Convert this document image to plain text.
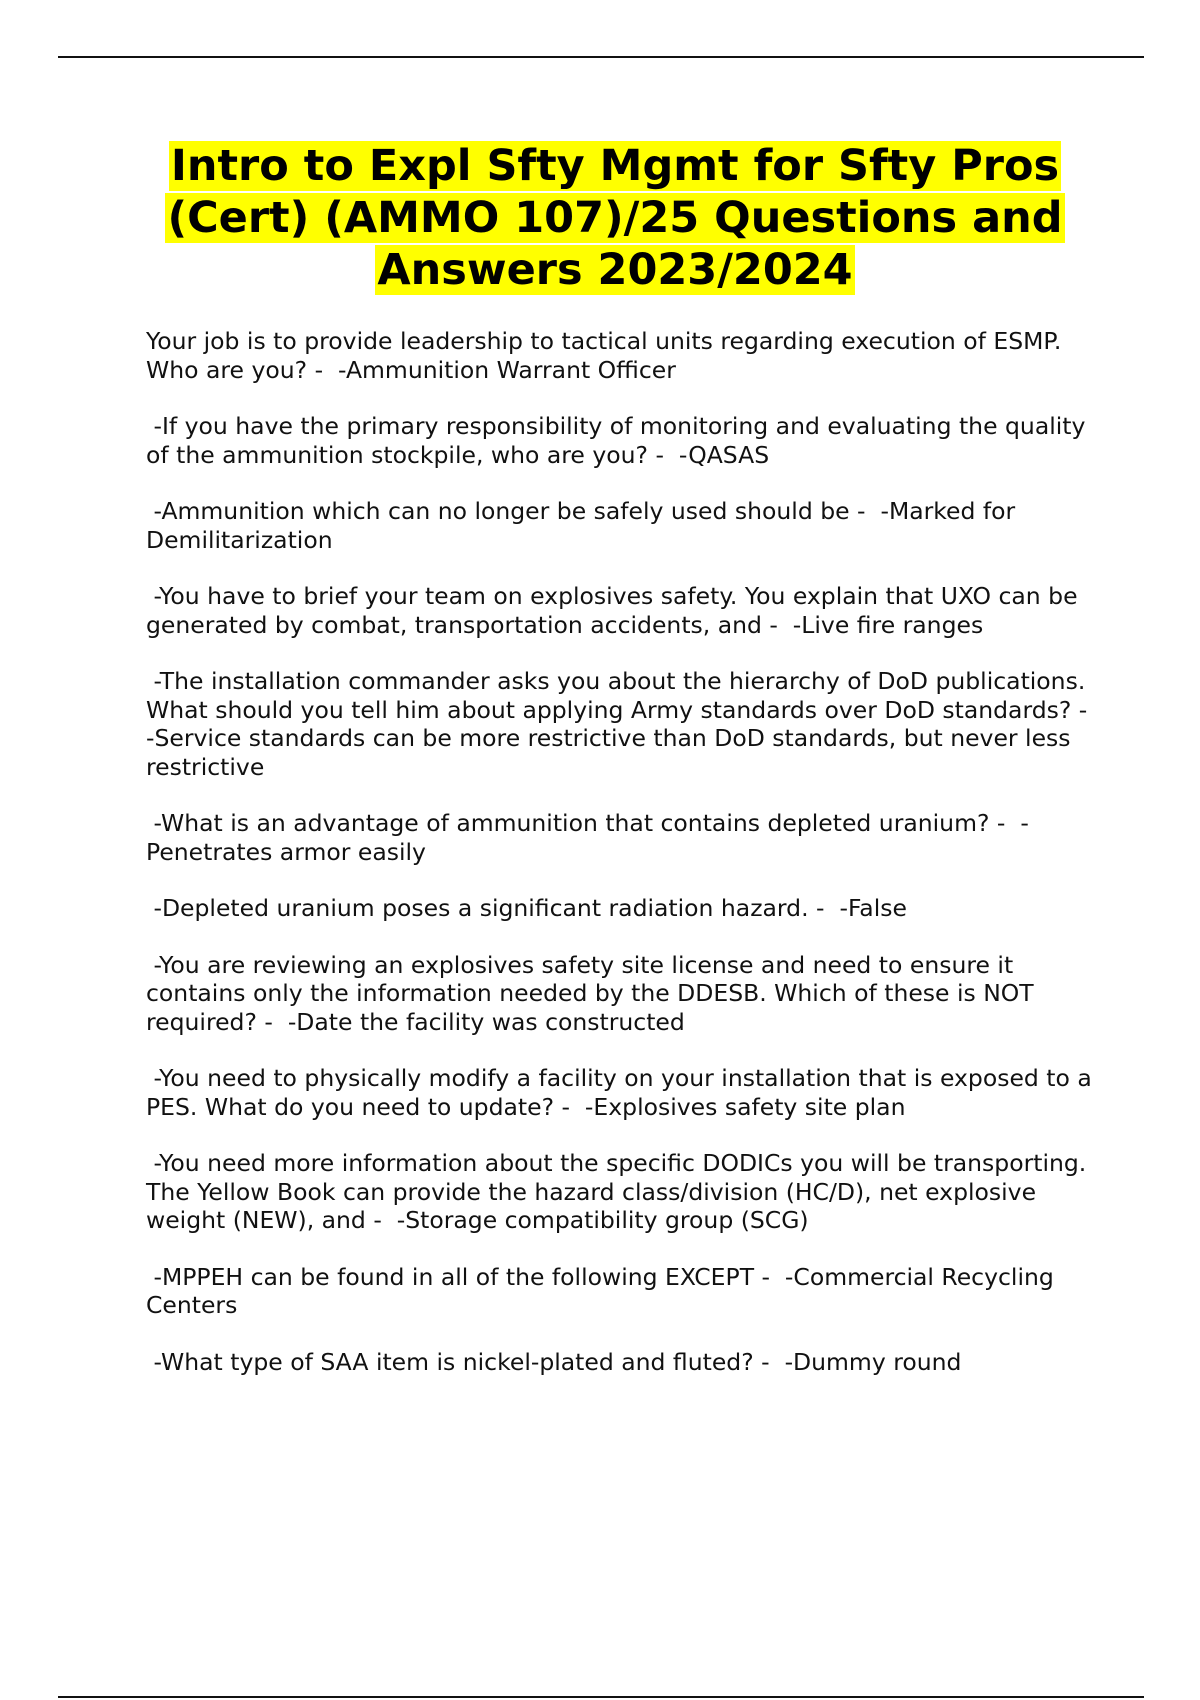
Intro to Expl Sfty Mgmt for Sfty Pros (Cert) (AMMO 107)/25 Questions and Answers 2023/2024

Your job is to provide leadership to tactical units regarding execution of ESMP. Who are you? -  -Ammunition Warrant Officer

-If you have the primary responsibility of monitoring and evaluating the quality of the ammunition stockpile, who are you? -  -QASAS

-Ammunition which can no longer be safely used should be -  -Marked for Demilitarization

-You have to brief your team on explosives safety. You explain that UXO can be generated by combat, transportation accidents, and -  -Live fire ranges

-The installation commander asks you about the hierarchy of DoD publications. What should you tell him about applying Army standards over DoD standards? -  -Service standards can be more restrictive than DoD standards, but never less restrictive

-What is an advantage of ammunition that contains depleted uranium? -  -Penetrates armor easily

-Depleted uranium poses a significant radiation hazard. -  -False

-You are reviewing an explosives safety site license and need to ensure it contains only the information needed by the DDESB. Which of these is NOT required? -  -Date the facility was constructed

-You need to physically modify a facility on your installation that is exposed to a PES. What do you need to update? -  -Explosives safety site plan

-You need more information about the specific DODICs you will be transporting. The Yellow Book can provide the hazard class/division (HC/D), net explosive weight (NEW), and -  -Storage compatibility group (SCG)

-MPPEH can be found in all of the following EXCEPT -  -Commercial Recycling Centers

-What type of SAA item is nickel-plated and fluted? -  -Dummy round
